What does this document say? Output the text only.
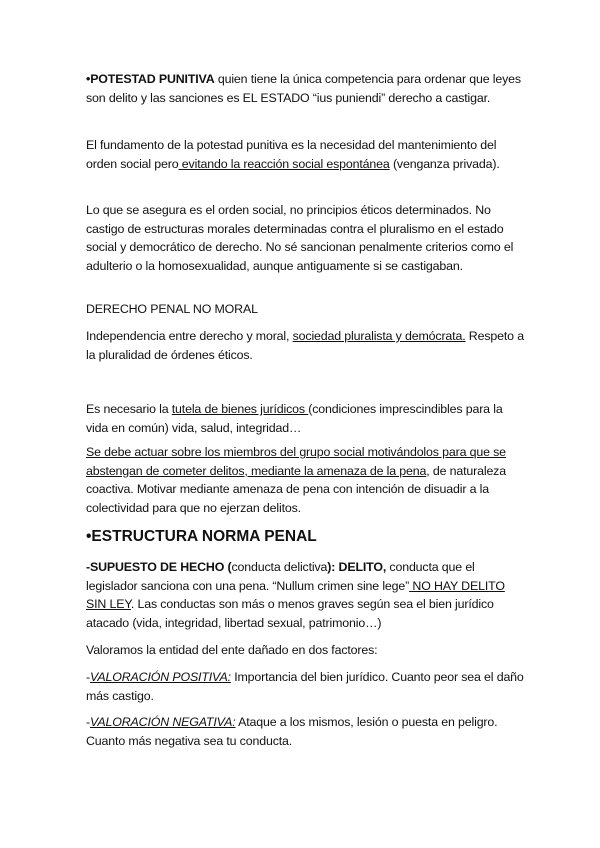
•POTESTAD PUNITIVA quien tiene la única competencia para ordenar que leyes son delito y las sanciones es EL ESTADO “ius puniendi” derecho a castigar.

El fundamento de la potestad punitiva es la necesidad del mantenimiento del orden social pero evitando la reacción social espontánea (venganza privada).

Lo que se asegura es el orden social, no principios éticos determinados. No castigo de estructuras morales determinadas contra el pluralismo en el estado social y democrático de derecho. No sé sancionan penalmente criterios como el adulterio o la homosexualidad, aunque antiguamente si se castigaban.

DERECHO PENAL NO MORAL

Independencia entre derecho y moral, sociedad pluralista y demócrata. Respeto a la pluralidad de órdenes éticos.

Es necesario la tutela de bienes jurídicos (condiciones imprescindibles para la vida en común) vida, salud, integridad…

Se debe actuar sobre los miembros del grupo social motivándolos para que se abstengan de cometer delitos, mediante la amenaza de la pena, de naturaleza coactiva. Motivar mediante amenaza de pena con intención de disuadir a la colectividad para que no ejerzan delitos.

•ESTRUCTURA NORMA PENAL

-SUPUESTO DE HECHO (conducta delictiva): DELITO, conducta que el legislador sanciona con una pena. “Nullum crimen sine lege” NO HAY DELITO SIN LEY. Las conductas son más o menos graves según sea el bien jurídico atacado (vida, integridad, libertad sexual, patrimonio…)

Valoramos la entidad del ente dañado en dos factores:

-VALORACIÓN POSITIVA: Importancia del bien jurídico. Cuanto peor sea el daño más castigo.

-VALORACIÓN NEGATIVA: Ataque a los mismos, lesión o puesta en peligro. Cuanto más negativa sea tu conducta.
